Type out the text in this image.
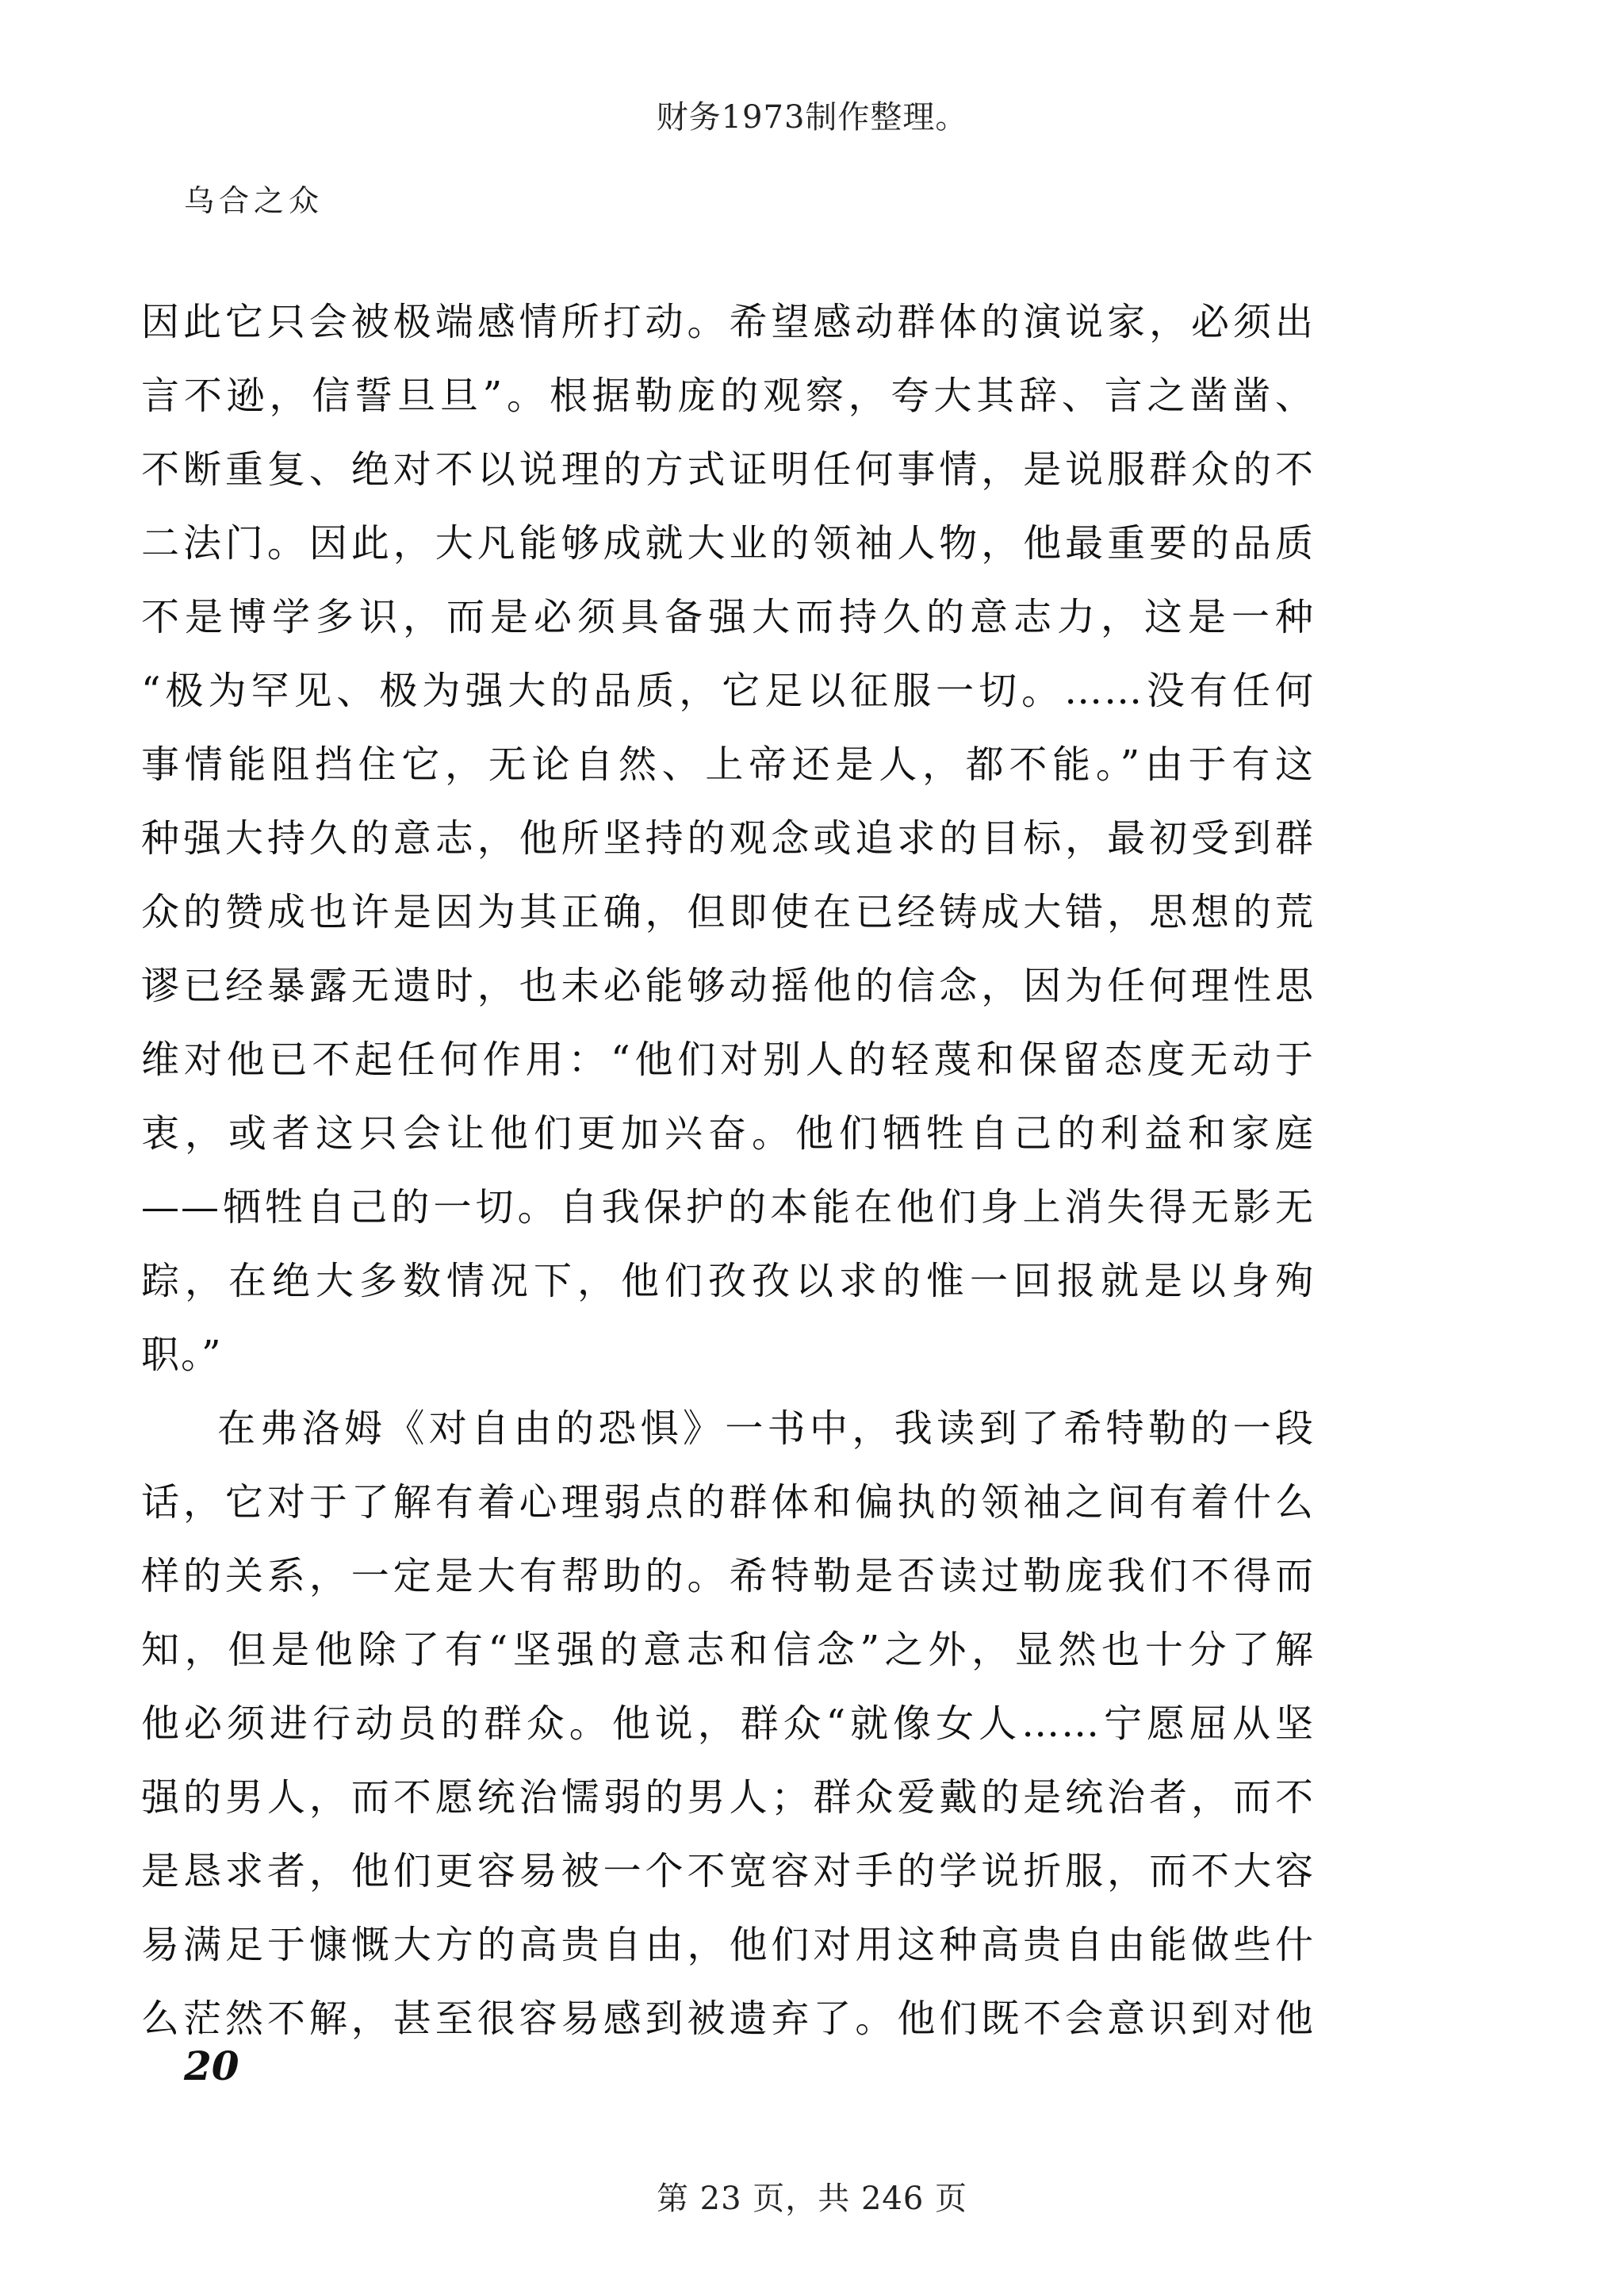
财务1973制作整理。
乌合之众
因此它只会被极端感情所打动。希望感动群体的演说家，必须出
言不逊，信誓旦旦”。根据勒庞的观察，夸大其辞、言之凿凿、
不断重复、绝对不以说理的方式证明任何事情，是说服群众的不
二法门。因此，大凡能够成就大业的领袖人物，他最重要的品质
不是博学多识，而是必须具备强大而持久的意志力，这是一种
“极为罕见、极为强大的品质，它足以征服一切。……没有任何
事情能阻挡住它，无论自然、上帝还是人，都不能。”由于有这
种强大持久的意志，他所坚持的观念或追求的目标，最初受到群
众的赞成也许是因为其正确，但即使在已经铸成大错，思想的荒
谬已经暴露无遗时，也未必能够动摇他的信念，因为任何理性思
维对他已不起任何作用：“他们对别人的轻蔑和保留态度无动于
衷，或者这只会让他们更加兴奋。他们牺牲自己的利益和家庭
——牺牲自己的一切。自我保护的本能在他们身上消失得无影无
踪，在绝大多数情况下，他们孜孜以求的惟一回报就是以身殉
职。”
在弗洛姆《对自由的恐惧》一书中，我读到了希特勒的一段
话，它对于了解有着心理弱点的群体和偏执的领袖之间有着什么
样的关系，一定是大有帮助的。希特勒是否读过勒庞我们不得而
知，但是他除了有“坚强的意志和信念”之外，显然也十分了解
他必须进行动员的群众。他说，群众“就像女人……宁愿屈从坚
强的男人，而不愿统治懦弱的男人；群众爱戴的是统治者，而不
是恳求者，他们更容易被一个不宽容对手的学说折服，而不大容
易满足于慷慨大方的高贵自由，他们对用这种高贵自由能做些什
么茫然不解，甚至很容易感到被遗弃了。他们既不会意识到对他
20
第 23 页，共 246 页
